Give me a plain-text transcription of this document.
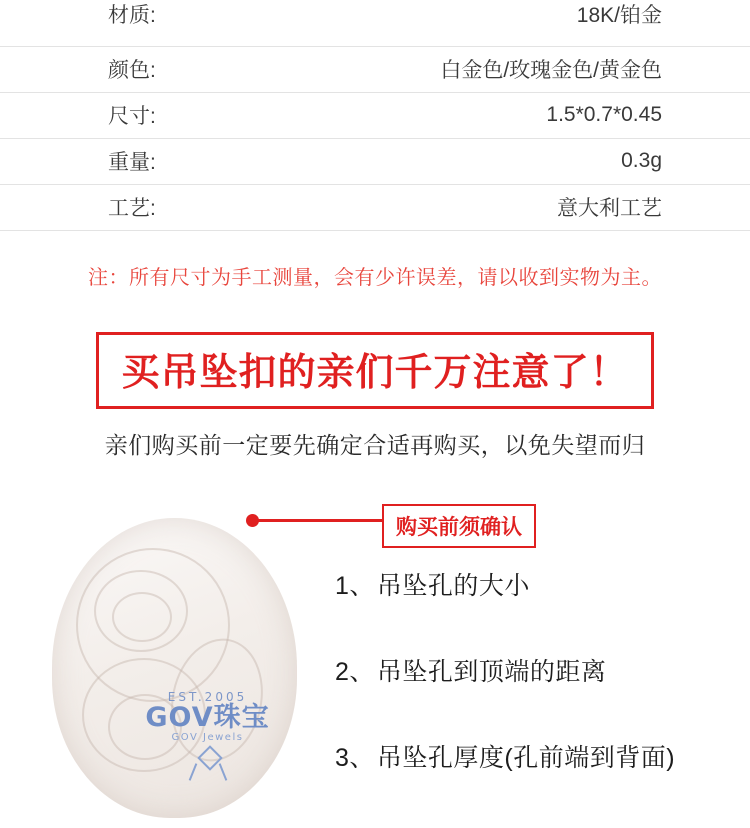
材质:	18K/铂金

颜色:	白金色/玫瑰金色/黄金色
尺寸:	1.5*0.7*0.45
重量:	0.3g
工艺:	意大利工艺
注：所有尺寸为手工测量，会有少许误差，请以收到实物为主。
买吊坠扣的亲们千万注意了！
亲们购买前一定要先确定合适再购买，以免失望而归
EST.2005
GOV珠宝
GOV Jewels
购买前须确认
1、吊坠孔的大小
2、吊坠孔到顶端的距离
3、吊坠孔厚度(孔前端到背面)
